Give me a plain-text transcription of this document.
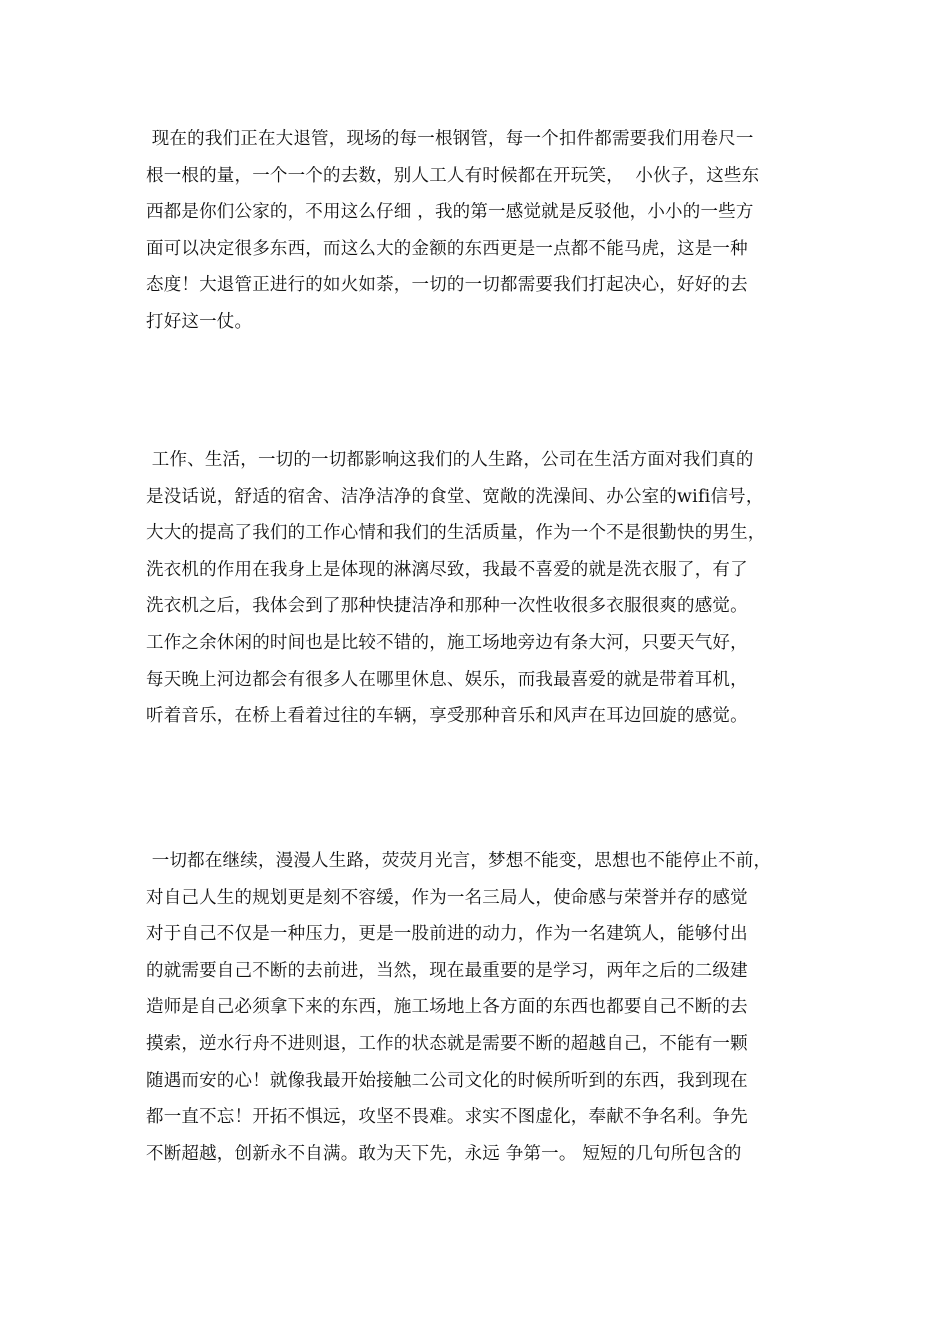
现在的我们正在大退管，现场的每一根钢管，每一个扣件都需要我们用卷尺一
根一根的量，一个一个的去数，别人工人有时候都在开玩笑，  小伙子，这些东
西都是你们公家的，不用这么仔细 ，我的第一感觉就是反驳他，小小的一些方
面可以决定很多东西，而这么大的金额的东西更是一点都不能马虎，这是一种
态度！大退管正进行的如火如荼，一切的一切都需要我们打起决心，好好的去
打好这一仗。
工作、生活，一切的一切都影响这我们的人生路，公司在生活方面对我们真的
是没话说，舒适的宿舍、洁净洁净的食堂、宽敞的洗澡间、办公室的wifi信号，
大大的提高了我们的工作心情和我们的生活质量，作为一个不是很勤快的男生，
洗衣机的作用在我身上是体现的淋漓尽致，我最不喜爱的就是洗衣服了，有了
洗衣机之后，我体会到了那种快捷洁净和那种一次性收很多衣服很爽的感觉。
工作之余休闲的时间也是比较不错的，施工场地旁边有条大河，只要天气好，
每天晚上河边都会有很多人在哪里休息、娱乐，而我最喜爱的就是带着耳机，
听着音乐，在桥上看着过往的车辆，享受那种音乐和风声在耳边回旋的感觉。
一切都在继续，漫漫人生路，荧荧月光言，梦想不能变，思想也不能停止不前，
对自己人生的规划更是刻不容缓，作为一名三局人，使命感与荣誉并存的感觉
对于自己不仅是一种压力，更是一股前进的动力，作为一名建筑人，能够付出
的就需要自己不断的去前进，当然，现在最重要的是学习，两年之后的二级建
造师是自己必须拿下来的东西，施工场地上各方面的东西也都要自己不断的去
摸索，逆水行舟不进则退，工作的状态就是需要不断的超越自己，不能有一颗
随遇而安的心！就像我最开始接触二公司文化的时候所听到的东西，我到现在
都一直不忘！开拓不惧远，攻坚不畏难。求实不图虚化，奉献不争名利。争先
不断超越，创新永不自满。敢为天下先，永远 争第一。 短短的几句所包含的
